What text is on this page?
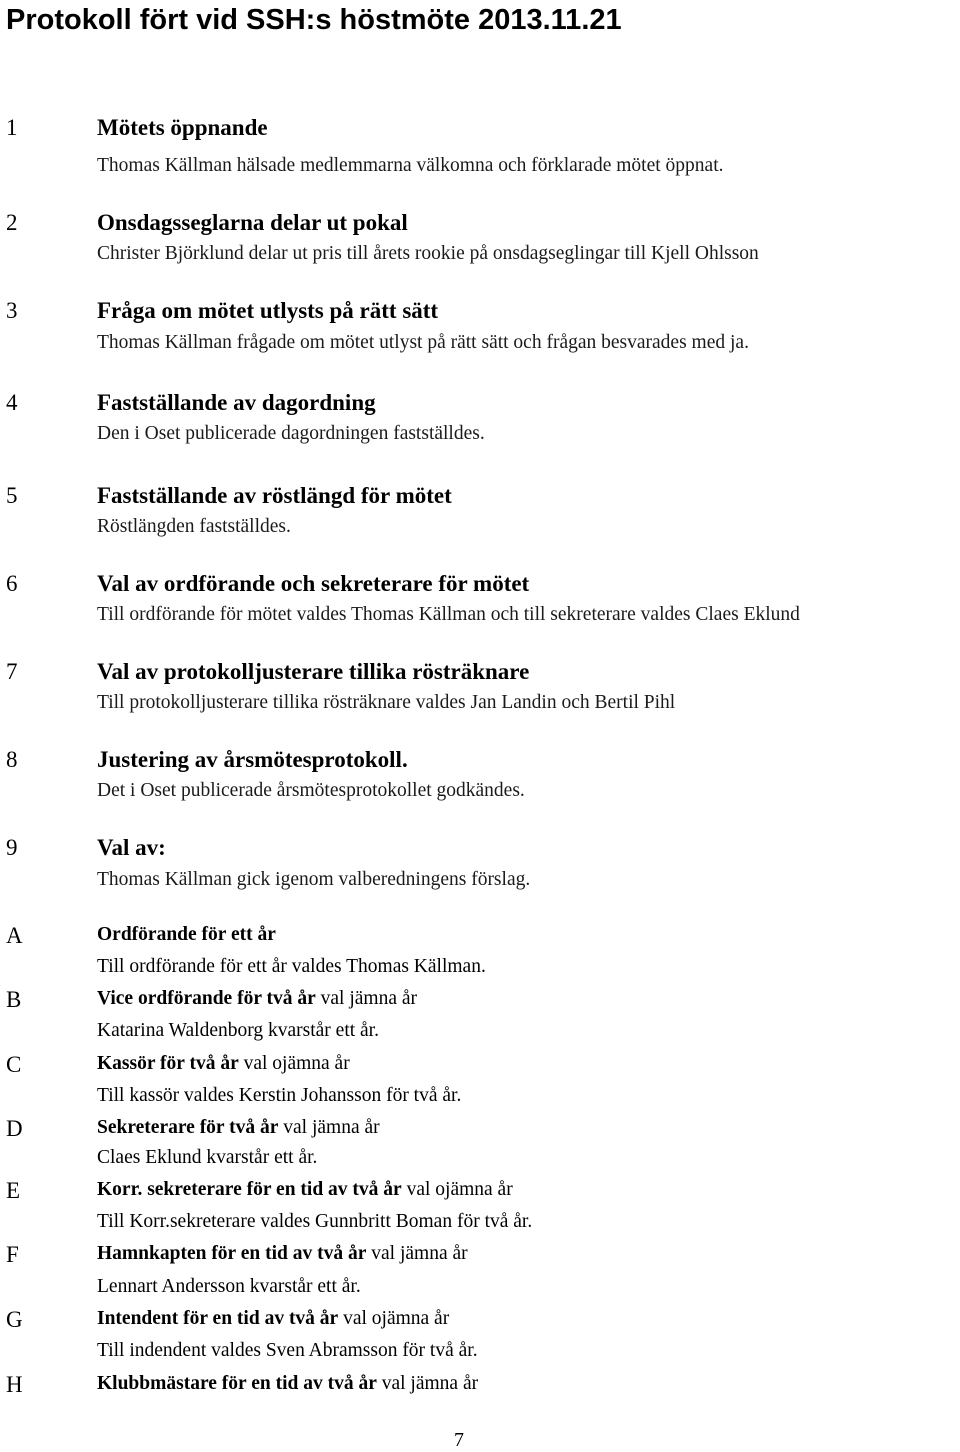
Protokoll fört vid SSH:s höstmöte 2013.11.21
1	Mötets öppnande
Thomas Källman hälsade medlemmarna välkomna och förklarade mötet öppnat.
2	Onsdagsseglarna delar ut pokal
Christer Björklund delar ut pris till årets rookie på onsdagseglingar till Kjell Ohlsson
3	Fråga om mötet utlysts på rätt sätt
Thomas Källman frågade om mötet utlyst på rätt sätt och frågan besvarades med ja.
4	Fastställande av dagordning
Den i Oset publicerade dagordningen fastställdes.
5	Fastställande av röstlängd för mötet
Röstlängden fastställdes.
6	Val av ordförande och sekreterare för mötet
Till ordförande för mötet valdes Thomas Källman och till sekreterare valdes Claes Eklund
7	Val av protokolljusterare tillika rösträknare
Till protokolljusterare tillika rösträknare valdes Jan Landin och Bertil Pihl
8	Justering av årsmötesprotokoll.
Det i Oset publicerade årsmötesprotokollet godkändes.
9	Val av:
Thomas Källman gick igenom valberedningens förslag.
A	Ordförande för ett år
Till ordförande för ett år valdes Thomas Källman.
B	Vice ordförande för två år val jämna år
Katarina Waldenborg kvarstår ett år.
C	Kassör för två år val ojämna år
Till kassör valdes Kerstin Johansson för två år.
D	Sekreterare för två år val jämna år
Claes Eklund kvarstår ett år.
E	Korr. sekreterare för en tid av två år val ojämna år
Till Korr.sekreterare valdes Gunnbritt Boman för två år.
F	Hamnkapten för en tid av två år val jämna år
Lennart Andersson kvarstår ett år.
G	Intendent för en tid av två år val ojämna år
Till indendent valdes Sven Abramsson för två år.
H	Klubbmästare för en tid av två år val jämna år
7
